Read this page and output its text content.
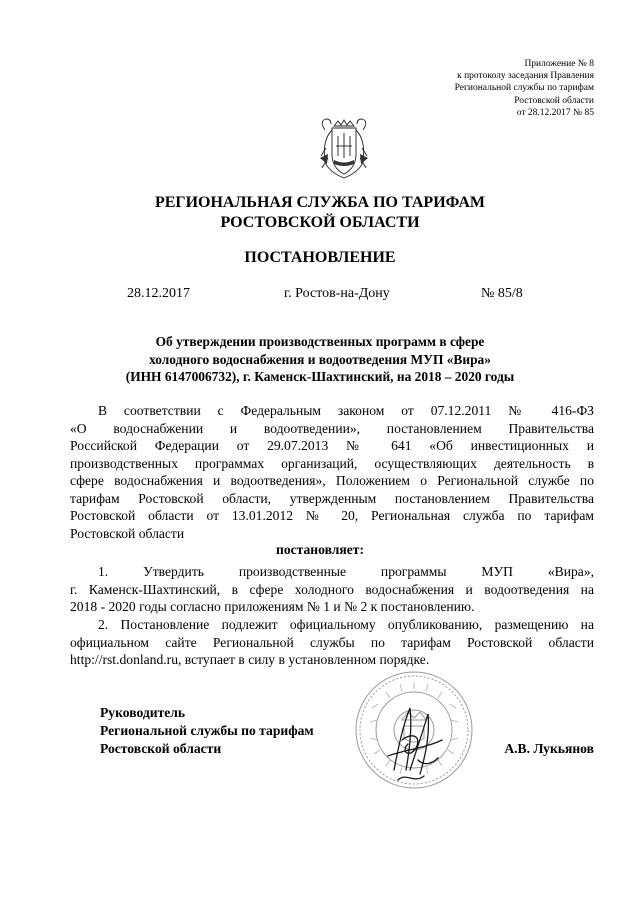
Приложение № 8
к протоколу заседания Правления
Региональной службы по тарифам
Ростовской области
от 28.12.2017 № 85
РЕГИОНАЛЬНАЯ СЛУЖБА ПО ТАРИФАМ
РОСТОВСКОЙ ОБЛАСТИ
ПОСТАНОВЛЕНИЕ
28.12.2017	г. Ростов-на-Дону	№ 85/8
Об утверждении производственных программ в сфере
холодного водоснабжения и водоотведения МУП «Вира»
(ИНН 6147006732), г. Каменск-Шахтинский, на 2018 – 2020 годы
В соответствии с Федеральным законом от 07.12.2011 № 416-ФЗ
«О водоснабжении и водоотведении», постановлением Правительства
Российской Федерации от 29.07.2013 № 641 «Об инвестиционных и
производственных программах организаций, осуществляющих деятельность в
сфере водоснабжения и водоотведения», Положением о Региональной службе по
тарифам Ростовской области, утвержденным постановлением Правительства
Ростовской области от 13.01.2012 № 20, Региональная служба по тарифам
Ростовской области
постановляет:
1. Утвердить производственные программы МУП «Вира»,
г. Каменск-Шахтинский, в сфере холодного водоснабжения и водоотведения на
2018 - 2020 годы согласно приложениям № 1 и № 2 к постановлению.
2. Постановление подлежит официальному опубликованию, размещению на
официальном сайте Региональной службы по тарифам Ростовской области
http://rst.donland.ru, вступает в силу в установленном порядке.
Руководитель
Региональной службы по тарифам
Ростовской области	А.В. Лукьянов
